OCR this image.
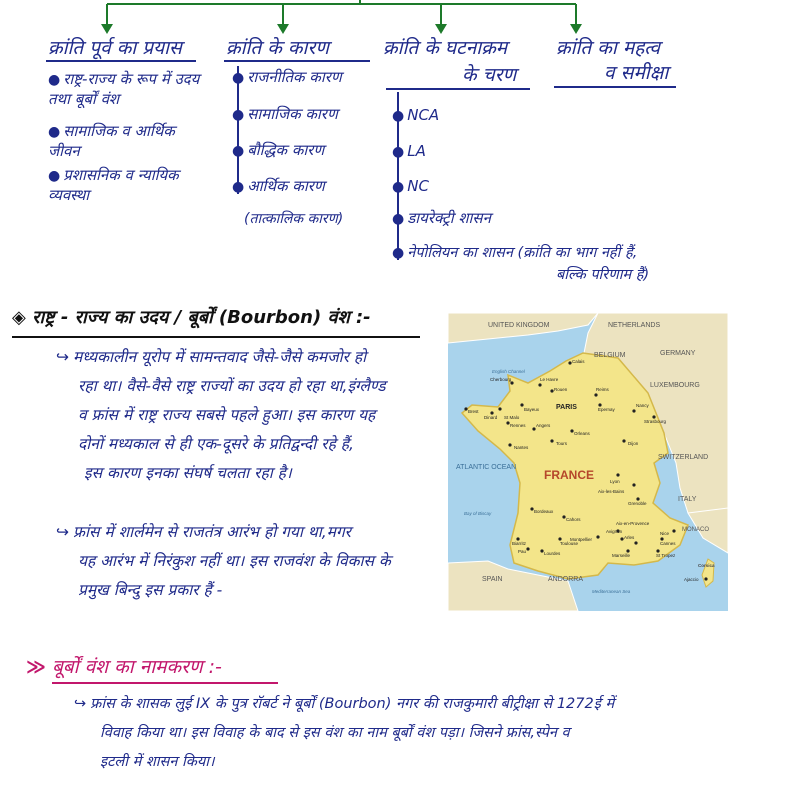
क्रांति पूर्व का प्रयास
● राष्ट्र-राज्य के रूप में उदय तथा बूर्बों वंश
● सामाजिक व आर्थिक जीवन
● प्रशासनिक व न्यायिक व्यवस्था
क्रांति के कारण
● राजनीतिक कारण
● सामाजिक कारण
● बौद्धिक कारण
● आर्थिक कारण
(तात्कालिक कारण)
क्रांति के घटनाक्रम
के चरण
● NCA
● LA
● NC
● डायरेक्ट्री शासन
● नेपोलियन का शासन (क्रांति का भाग नहीं हैं,
बल्कि परिणाम हैं)
क्रांति का महत्व
व समीक्षा
◈ राष्ट्र - राज्य का उदय / बूर्बों (Bourbon) वंश :-
↪ मध्यकालीन यूरोप में सामन्तवाद जैसे-जैसे कमजोर हो
रहा था। वैसे-वैसे राष्ट्र राज्यों का उदय हो रहा था,इंग्लैण्ड
व फ्रांस में राष्ट्र राज्य सबसे पहले हुआ। इस कारण यह
दोनों मध्यकाल से ही एक-दूसरे के प्रतिद्वन्दी रहे हैं,
इस कारण इनका संघर्ष चलता रहा है।
↪ फ्रांस में शार्लमेन से राजतंत्र आरंभ हो गया था,मगर
यह आरंभ में निरंकुश नहीं था। इस राजवंश के विकास के
प्रमुख बिन्दु इस प्रकार हैं -
UNITED KINGDOM	NETHERLANDS
BELGIUM	GERMANY
LUXEMBOURG
SWITZERLAND
ITALY
MONACO
SPAIN	ANDORRA
English Channel
ATLANTIC OCEAN
Bay of Biscay
Mediterranean Sea
FRANCE
PARIS
Calais
Cherbourg	Le Havre
Rouen	Reims
Epernay
Nancy
Strasbourg
Brest
Dinard St Malo
Bayeux
Rennes
Nantes
Angers
Tours
Orleans
Dijon
Lyon
Aix-les-Bains
Grenoble
Bordeaux
Cahors
Toulouse
Biarritz
Pau	Lourdes
Montpellier
Avignon
Arles
Aix-en-Provence
Nice
Cannes
St Tropez
Marseille
Ajaccio
Corsica
≫ बूर्बों वंश का नामकरण :-
↪ फ्रांस के शासक लुई IX के पुत्र रॉबर्ट ने बूर्बों (Bourbon) नगर की राजकुमारी बीट्रीक्षा से 1272ई में
विवाह किया था। इस विवाह के बाद से इस वंश का नाम बूर्बों वंश पड़ा। जिसने फ्रांस,स्पेन व
इटली में शासन किया।
